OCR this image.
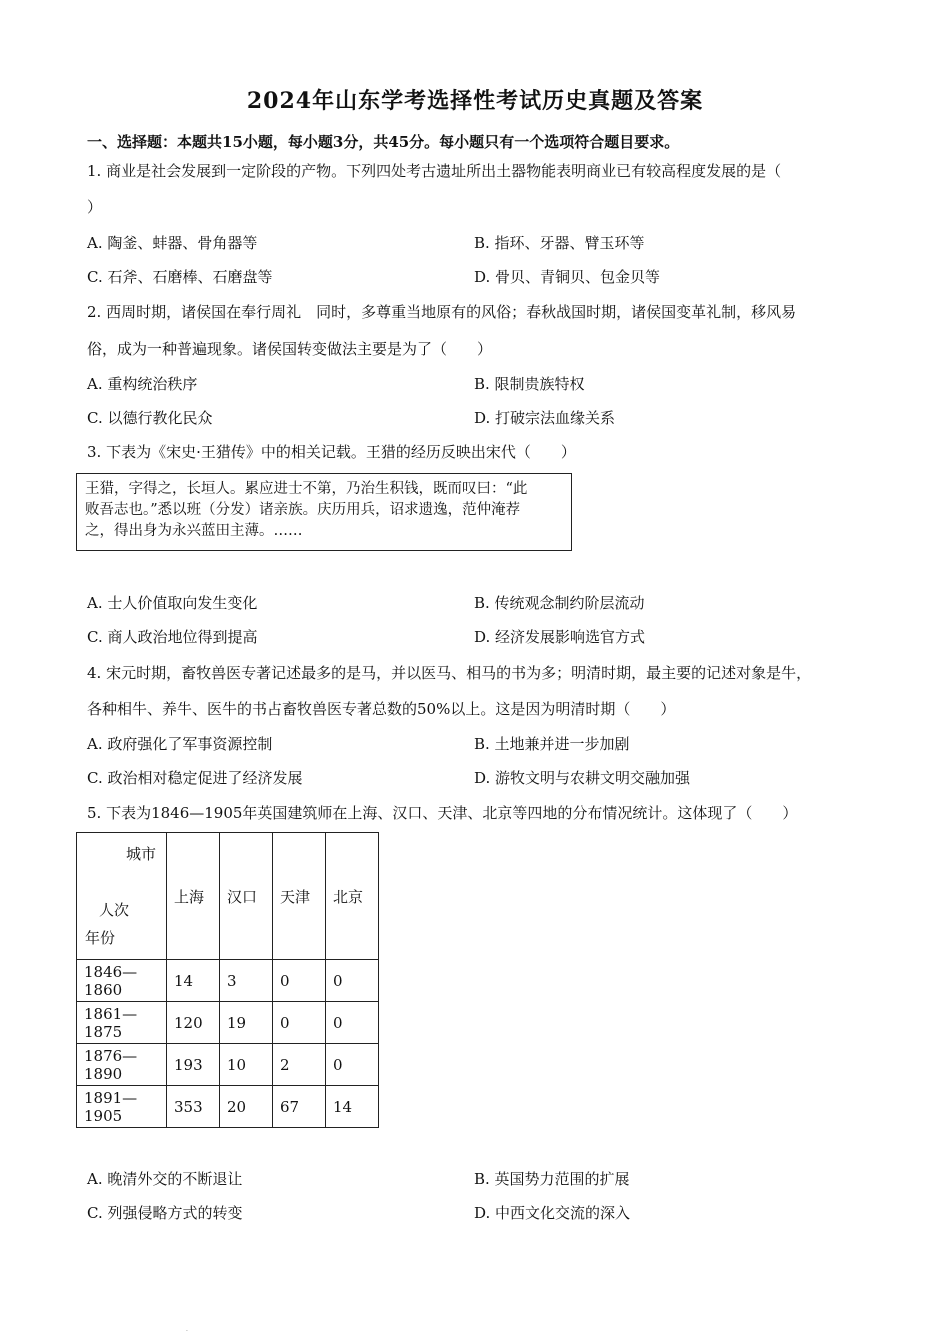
2024年山东学考选择性考试历史真题及答案
一、选择题：本题共15小题，每小题3分，共45分。每小题只有一个选项符合题目要求。
1. 商业是社会发展到一定阶段的产物。下列四处考古遗址所出土器物能表明商业已有较高程度发展的是（
）
A. 陶釜、蚌器、骨角器等	B. 指环、牙器、臂玉环等
C. 石斧、石磨棒、石磨盘等	D. 骨贝、青铜贝、包金贝等
2. 西周时期，诸侯国在奉行周礼　同时，多尊重当地原有的风俗；春秋战国时期，诸侯国变革礼制，移风易
俗，成为一种普遍现象。诸侯国转变做法主要是为了（　　）
A. 重构统治秩序	B. 限制贵族特权
C. 以德行教化民众	D. 打破宗法血缘关系
3. 下表为《宋史·王猎传》中的相关记载。王猎的经历反映出宋代（　　）
王猎，字得之，长垣人。累应进士不第，乃治生积钱，既而叹曰：“此
败吾志也。”悉以班（分发）诸亲族。庆历用兵，诏求遗逸，范仲淹荐
之，得出身为永兴蓝田主薄。……
A. 士人价值取向发生变化	B. 传统观念制约阶层流动
C. 商人政治地位得到提高	D. 经济发展影响选官方式
4. 宋元时期，畜牧兽医专著记述最多的是马，并以医马、相马的书为多；明清时期，最主要的记述对象是牛，
各种相牛、养牛、医牛的书占畜牧兽医专著总数的50%以上。这是因为明清时期（　　）
A. 政府强化了军事资源控制	B. 土地兼并进一步加剧
C. 政治相对稳定促进了经济发展	D. 游牧文明与农耕文明交融加强
5. 下表为1846—1905年英国建筑师在上海、汉口、天津、北京等四地的分布情况统计。这体现了（　　）
城市
人次
年份	上海	汉口	天津	北京
1846—1860	14	3	0	0
1861—1875	120	19	0	0
1876—1890	193	10	2	0
1891—1905	353	20	67	14
A. 晚清外交的不断退让	B. 英国势力范围的扩展
C. 列强侵略方式的转变	D. 中西文化交流的深入
·
